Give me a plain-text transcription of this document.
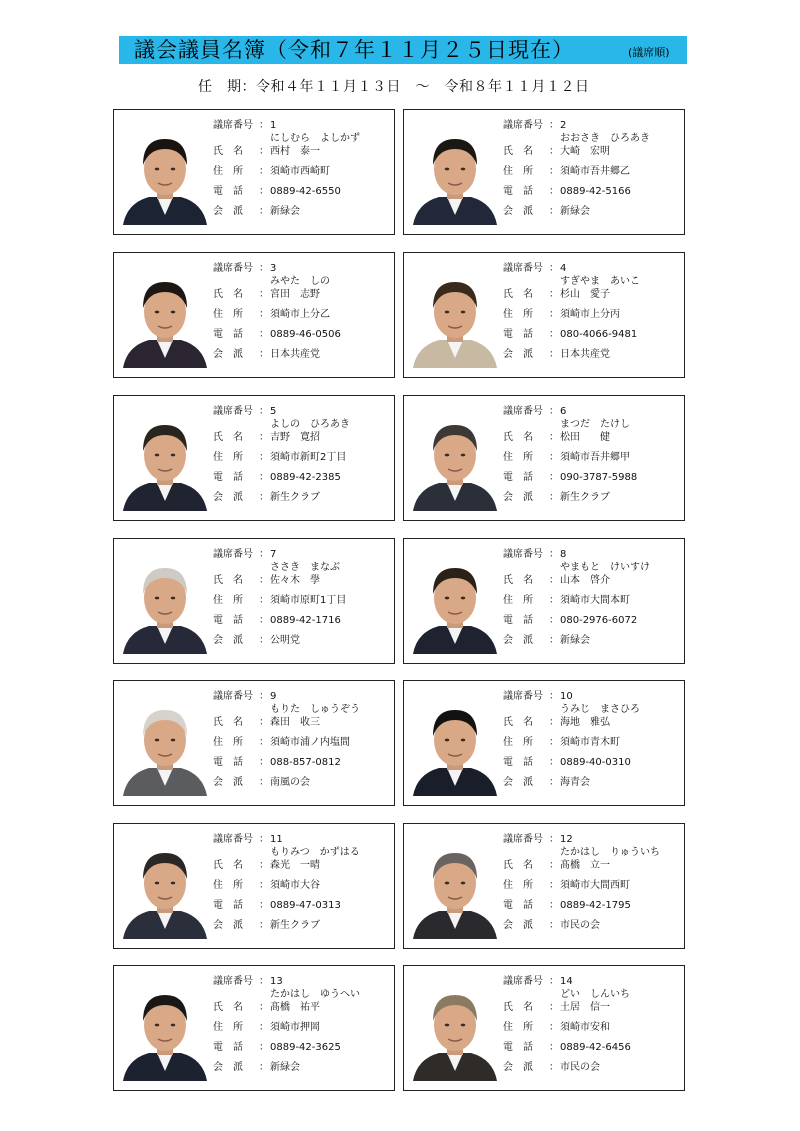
議会議員名簿（令和７年１１月２５日現在）	(議席順)
任　期：令和４年１１月１３日　～　令和８年１１月１２日
議席番号 ： 1
氏　名 ： 西村　泰一
住　所 ： 須崎市西崎町
電　話 ： 0889-42-6550
会　派 ： 新緑会
にしむら　よしかず
議席番号 ： 2
氏　名 ： 大崎　宏明
住　所 ： 須崎市吾井郷乙
電　話 ： 0889-42-5166
会　派 ： 新緑会
おおさき　ひろあき
議席番号 ： 3
氏　名 ： 宮田　志野
住　所 ： 須崎市上分乙
電　話 ： 0889-46-0506
会　派 ： 日本共産党
みやた　しの
議席番号 ： 4
氏　名 ： 杉山　愛子
住　所 ： 須崎市上分丙
電　話 ： 080-4066-9481
会　派 ： 日本共産党
すぎやま　あいこ
議席番号 ： 5
氏　名 ： 吉野　寛招
住　所 ： 須崎市新町2丁目
電　話 ： 0889-42-2385
会　派 ： 新生クラブ
よしの　ひろあき
議席番号 ： 6
氏　名 ： 松田　　健
住　所 ： 須崎市吾井郷甲
電　話 ： 090-3787-5988
会　派 ： 新生クラブ
まつだ　たけし
議席番号 ： 7
氏　名 ： 佐々木　學
住　所 ： 須崎市原町1丁目
電　話 ： 0889-42-1716
会　派 ： 公明党
ささき　まなぶ
議席番号 ： 8
氏　名 ： 山本　啓介
住　所 ： 須崎市大間本町
電　話 ： 080-2976-6072
会　派 ： 新緑会
やまもと　けいすけ
議席番号 ： 9
氏　名 ： 森田　收三
住　所 ： 須崎市浦ノ内塩間
電　話 ： 088-857-0812
会　派 ： 南風の会
もりた　しゅうぞう
議席番号 ： 10
氏　名 ： 海地　雅弘
住　所 ： 須崎市青木町
電　話 ： 0889-40-0310
会　派 ： 海青会
うみじ　まさひろ
議席番号 ： 11
氏　名 ： 森光　一晴
住　所 ： 須崎市大谷
電　話 ： 0889-47-0313
会　派 ： 新生クラブ
もりみつ　かずはる
議席番号 ： 12
氏　名 ： 髙橋　立一
住　所 ： 須崎市大間西町
電　話 ： 0889-42-1795
会　派 ： 市民の会
たかはし　りゅういち
議席番号 ： 13
氏　名 ： 髙橋　祐平
住　所 ： 須崎市押岡
電　話 ： 0889-42-3625
会　派 ： 新緑会
たかはし　ゆうへい
議席番号 ： 14
氏　名 ： 土居　信一
住　所 ： 須崎市安和
電　話 ： 0889-42-6456
会　派 ： 市民の会
どい　しんいち
